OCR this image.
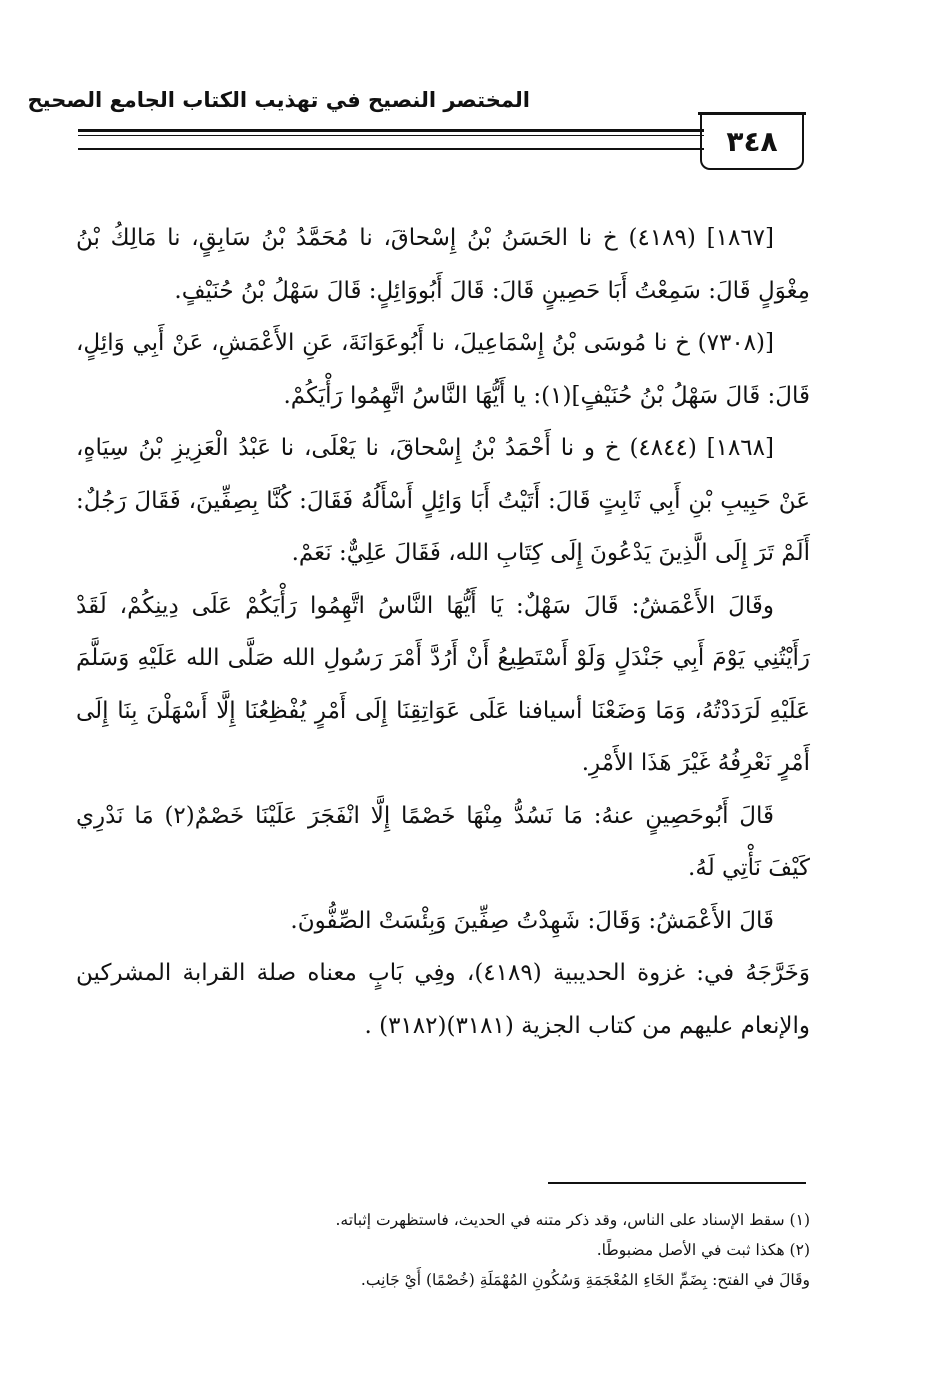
المختصر النصيح في تهذيب الكتاب الجامع الصحيح
٣٤٨

[١٨٦٧] (٤١٨٩) خ نا الحَسَنُ بْنُ إِسْحاقَ، نا مُحَمَّدُ بْنُ سَابِقٍ، نا مَالِكُ بْنُ مِغْوَلٍ قَالَ: سَمِعْتُ أَبَا حَصِينٍ قَالَ: قَالَ أَبُووَائِلٍ: قَالَ سَهْلُ بْنُ حُنَيْفٍ.

[(٧٣٠٨) خ نا مُوسَى بْنُ إِسْمَاعِيلَ، نا أَبُوعَوَانَةَ، عَنِ الأَعْمَشِ، عَنْ أَبِي وَائِلٍ، قَالَ: قَالَ سَهْلُ بْنُ حُنَيْفٍ](١): يا أَيُّهَا النَّاسُ اتَّهِمُوا رَأْيَكُمْ.

[١٨٦٨] (٤٨٤٤) خ و نا أَحْمَدُ بْنُ إِسْحاقَ، نا يَعْلَى، نا عَبْدُ الْعَزِيزِ بْنُ سِيَاهٍ، عَنْ حَبِيبِ بْنِ أَبِي ثَابِتٍ قَالَ: أَتَيْتُ أَبَا وَائِلٍ أَسْأَلُهُ فَقَالَ: كُنَّا بِصِفِّينَ، فَقَالَ رَجُلٌ: أَلَمْ تَرَ إِلَى الَّذِينَ يَدْعُونَ إِلَى كِتَابِ الله، فَقَالَ عَلِيٌّ: نَعَمْ.

وقَالَ الأَعْمَشُ: قَالَ سَهْلٌ: يَا أَيُّهَا النَّاسُ اتَّهِمُوا رَأْيَكُمْ عَلَى دِينِكُمْ، لَقَدْ رَأَيْتُنِي يَوْمَ أَبِي جَنْدَلٍ وَلَوْ أَسْتَطِيعُ أَنْ أَرُدَّ أَمْرَ رَسُولِ الله صَلَّى الله عَلَيْهِ وَسَلَّمَ عَلَيْهِ لَرَدَدْتُهُ، وَمَا وَضَعْنَا أسيافنا عَلَى عَوَاتِقِنَا إِلَى أَمْرٍ يُفْظِعُنَا إِلَّا أَسْهَلْنَ بِنَا إِلَى أَمْرٍ نَعْرِفُهُ غَيْرَ هَذَا الأَمْرِ.

قَالَ أَبُوحَصِينٍ عنهُ: مَا نَسُدُّ مِنْهَا خَصْمًا إِلَّا انْفَجَرَ عَلَيْنَا خَصْمٌ(٢) مَا نَدْرِي كَيْفَ نَأْتِي لَهُ.

قَالَ الأَعْمَشُ: وَقَالَ: شَهِدْتُ صِفِّينَ وَبِئْسَتْ الصِّفُّونَ.

وَخَرَّجَهُ في: غزوة الحديبية (٤١٨٩)، وفِي بَابٍ معناه صلة القرابة المشركين والإنعام عليهم من كتاب الجزية (٣١٨١)(٣١٨٢) .

(١) سقط الإسناد على الناس، وقد ذكر متنه في الحديث، فاستظهرت إثباته.

(٢) هكذا ثبت في الأصل مضبوطًا.

وقَالَ في الفتح: بِضَمِّ الخَاءِ المُعْجَمَةِ وَسُكُونِ المُهْمَلَةِ (خُصْمًا) أَيْ جَانِب.
